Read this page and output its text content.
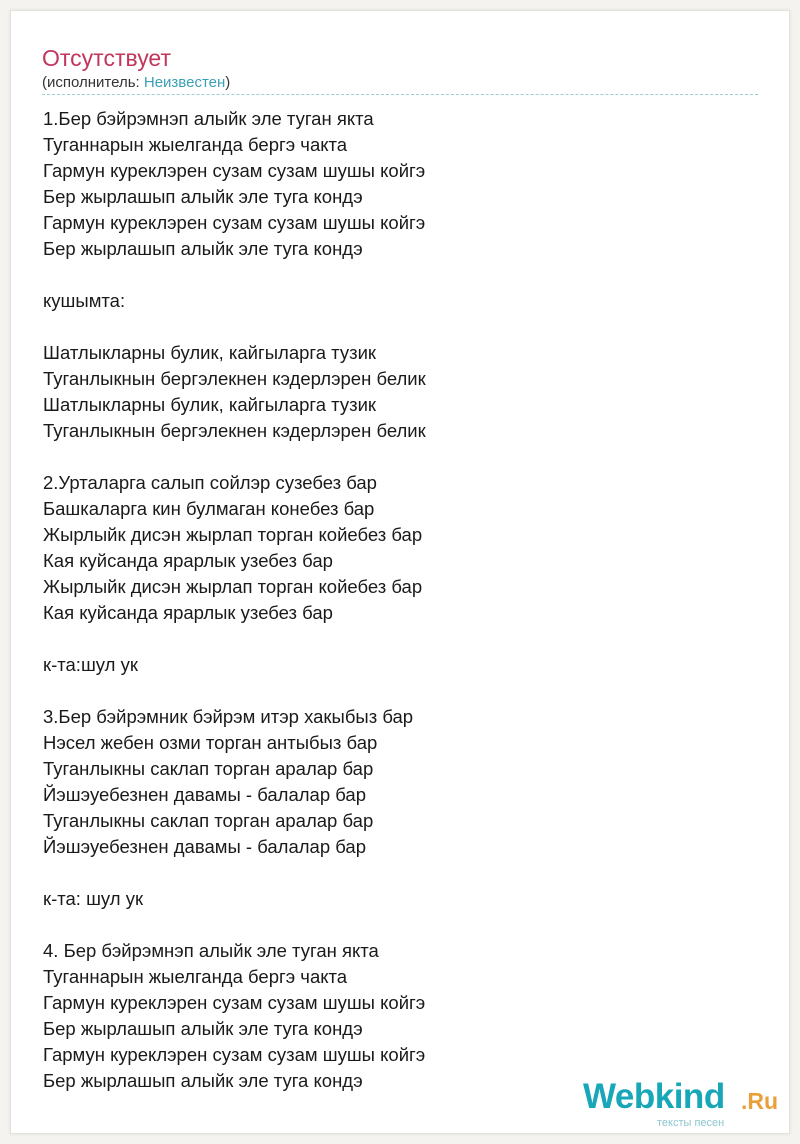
Отсутствует
(исполнитель: Неизвестен)
1.Бер бэйрэмнэп алыйк эле туган якта
Туганнарын жыелганда бергэ чакта
Гармун куреклэрен сузам сузам шушы койгэ
Бер жырлашып алыйк эле туга кондэ
Гармун куреклэрен сузам сузам шушы койгэ
Бер жырлашып алыйк эле туга кондэ
кушымта:
Шатлыкларны булик, кайгыларга тузик
Туганлыкнын бергэлекнен кэдерлэрен белик
Шатлыкларны булик, кайгыларга тузик
Туганлыкнын бергэлекнен кэдерлэрен белик
2.Урталарга салып сойлэр сузебез бар
Башкаларга кин булмаган конебез бар
Жырлыйк дисэн жырлап торган койебез бар
Кая куйсанда ярарлык узебез бар
Жырлыйк дисэн жырлап торган койебез бар
Кая куйсанда ярарлык узебез бар
к-та:шул ук
3.Бер бэйрэмник бэйрэм итэр хакыбыз бар
Нэсел жебен озми торган антыбыз бар
Туганлыкны саклап торган аралар бар
Йэшэуебезнен давамы - балалар бар
Туганлыкны саклап торган аралар бар
Йэшэуебезнен давамы - балалар бар
к-та: шул ук
4. Бер бэйрэмнэп алыйк эле туган якта
Туганнарын жыелганда бергэ чакта
Гармун куреклэрен сузам сузам шушы койгэ
Бер жырлашып алыйк эле туга кондэ
Гармун куреклэрен сузам сузам шушы койгэ
Бер жырлашып алыйк эле туга кондэ	Webkind .Ru
тексты песен
